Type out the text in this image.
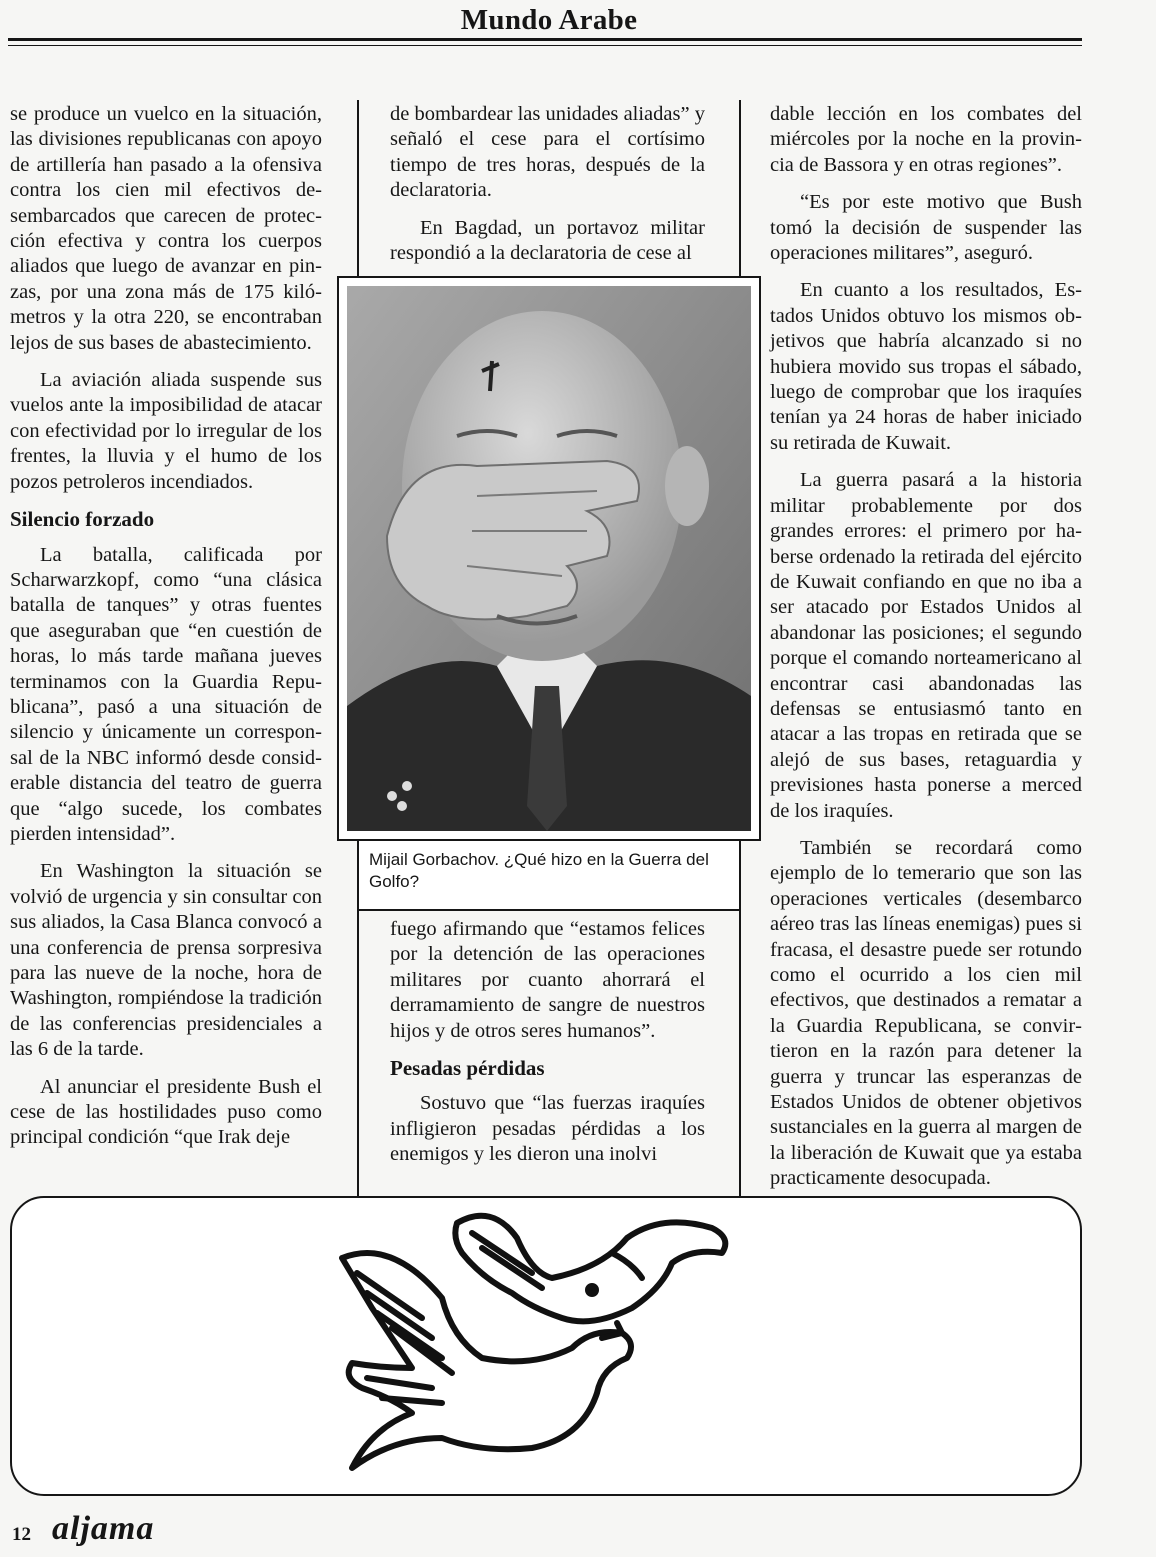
Mundo Arabe

se produce un vuelco en la situación, las divisiones republicanas con apoyo de artillería han pasado a la ofensiva contra los cien mil efectivos desembarcados que carecen de protección efectiva y contra los cuerpos aliados que luego de avanzar en pinzas, por una zona más de 175 kilómetros y la otra 220, se encontraban lejos de sus bases de abastecimiento.

La aviación aliada suspende sus vuelos ante la imposibilidad de atacar con efectividad por lo irregular de los frentes, la lluvia y el humo de los pozos petroleros incendiados.

Silencio forzado

La batalla, calificada por Scharwarzkopf, como “una clásica batalla de tanques” y otras fuentes que aseguraban que “en cuestión de horas, lo más tarde mañana jueves terminamos con la Guardia Republicana”, pasó a una situación de silencio y únicamente un corresponsal de la NBC informó desde considerable distancia del teatro de guerra que “algo sucede, los combates pierden intensidad”.

En Washington la situación se volvió de urgencia y sin consultar con sus aliados, la Casa Blanca convocó a una conferencia de prensa sorpresiva para las nueve de la noche, hora de Washington, rompiéndose la tradición de las conferencias presidenciales a las 6 de la tarde.

Al anunciar el presidente Bush el cese de las hostilidades puso como principal condición “que Irak deje

de bombardear las unidades aliadas” y señaló el cese para el cortísimo tiempo de tres horas, después de la declaratoria.

En Bagdad, un portavoz militar respondió a la declaratoria de cese al

fuego afirmando que “estamos felices por la detención de las operaciones militares por cuanto ahorrará el derramamiento de sangre de nuestros hijos y de otros seres humanos”.

Pesadas pérdidas

Sostuvo que “las fuerzas iraquíes infligieron pesadas pérdidas a los enemigos y les dieron una inolvi

dable lección en los combates del miércoles por la noche en la provincia de Bassora y en otras regiones”.

“Es por este motivo que Bush tomó la decisión de suspender las operaciones militares”, aseguró.

En cuanto a los resultados, Estados Unidos obtuvo los mismos objetivos que habría alcanzado si no hubiera movido sus tropas el sábado, luego de comprobar que los iraquíes tenían ya 24 horas de haber iniciado su retirada de Kuwait.

La guerra pasará a la historia militar probablemente por dos grandes errores: el primero por haberse ordenado la retirada del ejército de Kuwait confiando en que no iba a ser atacado por Estados Unidos al abandonar las posiciones; el segundo porque el comando norteamericano al encontrar casi abandonadas las defensas se entusiasmó tanto en atacar a las tropas en retirada que se alejó de sus bases, retaguardia y previsiones hasta ponerse a merced de los iraquíes.

También se recordará como ejemplo de lo temerario que son las operaciones verticales (desembarco aéreo tras las líneas enemigas) pues si fracasa, el desastre puede ser rotundo como el ocurrido a los cien mil efectivos, que destinados a rematar a la Guardia Republicana, se convirtieron en la razón para detener la guerra y truncar las esperanzas de Estados Unidos de obtener objetivos sustanciales en la guerra al margen de la liberación de Kuwait que ya estaba practicamente desocupada.

Mijail Gorbachov. ¿Qué hizo en la Guerra del Golfo?
12 aljama
